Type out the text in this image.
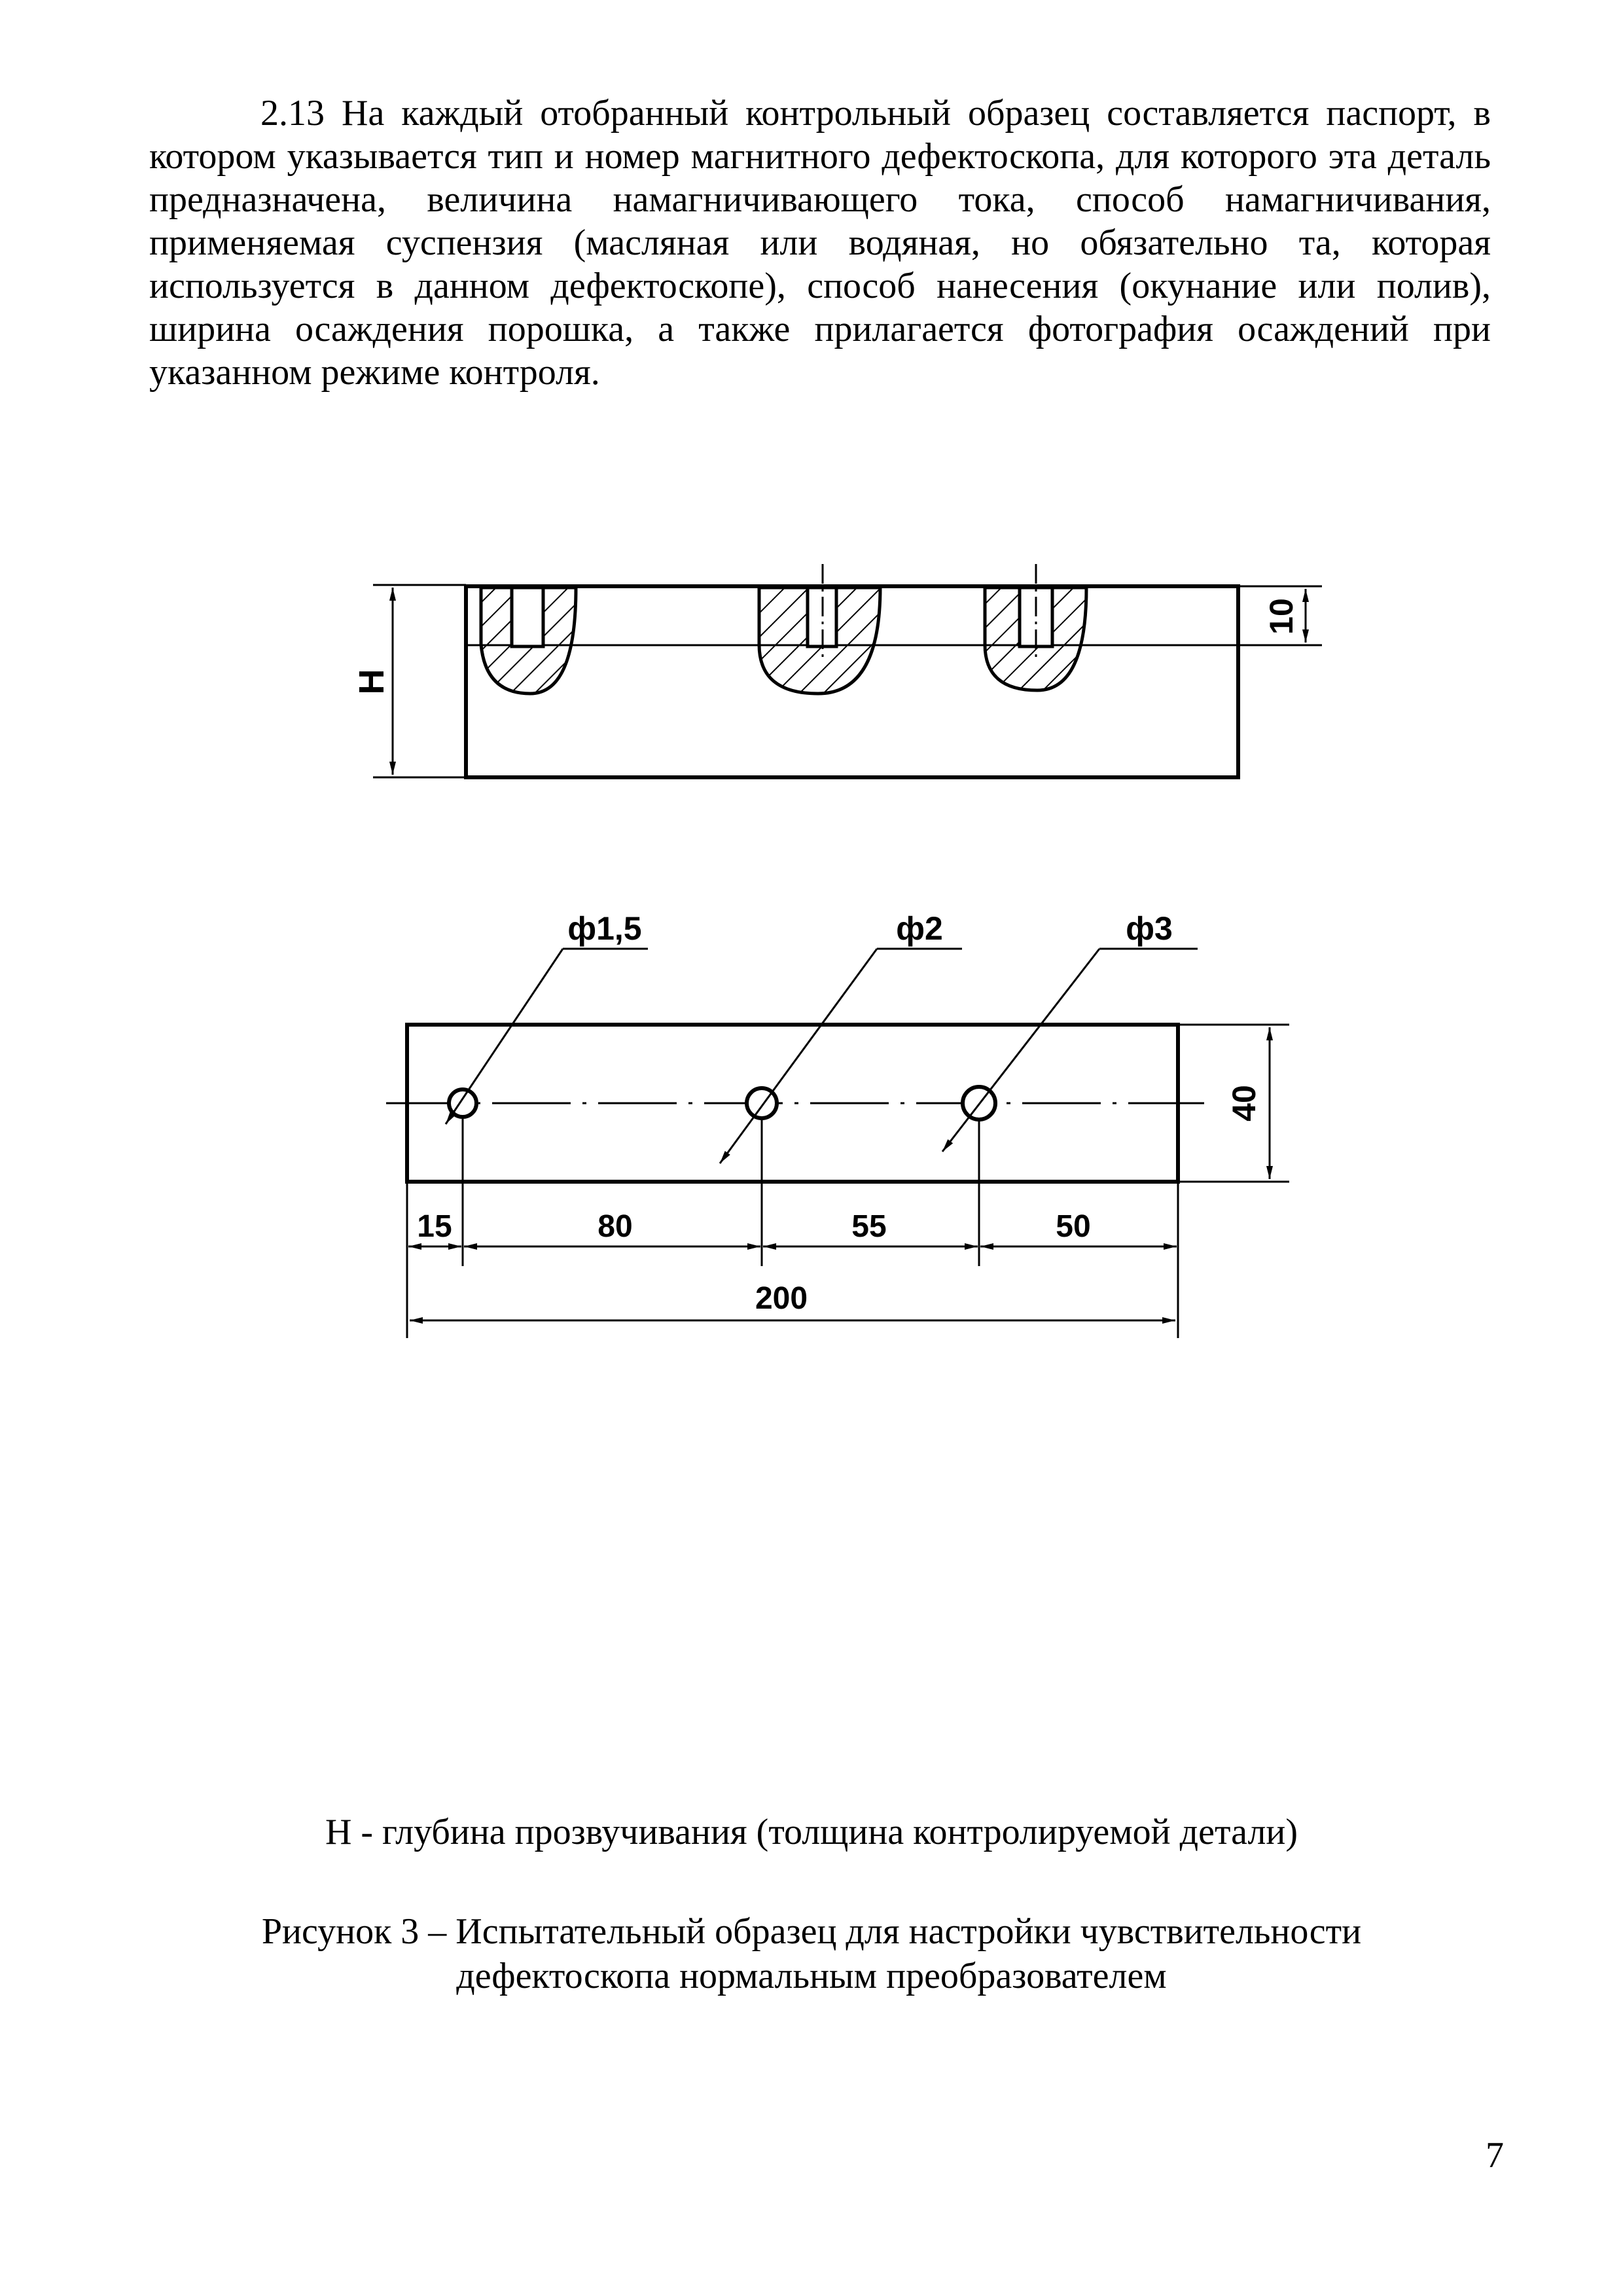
2.13 На каждый отобранный контрольный образец составляется паспорт, в котором указывается тип и номер магнитного дефектоскопа, для которого эта деталь предназначена, величина намагничивающего тока, способ намагничивания, применяемая суспензия (масляная или водяная, но обязательно та, которая используется в данном дефектоскопе), способ нанесения (окунание или полив), ширина осаждения порошка, а также прилагается фотография осаждений при указанном режиме контроля.
H
10
ф1,5	ф2	ф3
40
15	80	55	50
200
H - глубина прозвучивания (толщина контролируемой детали)
Рисунок 3 – Испытательный образец для настройки чувствительности
дефектоскопа нормальным преобразователем
7
